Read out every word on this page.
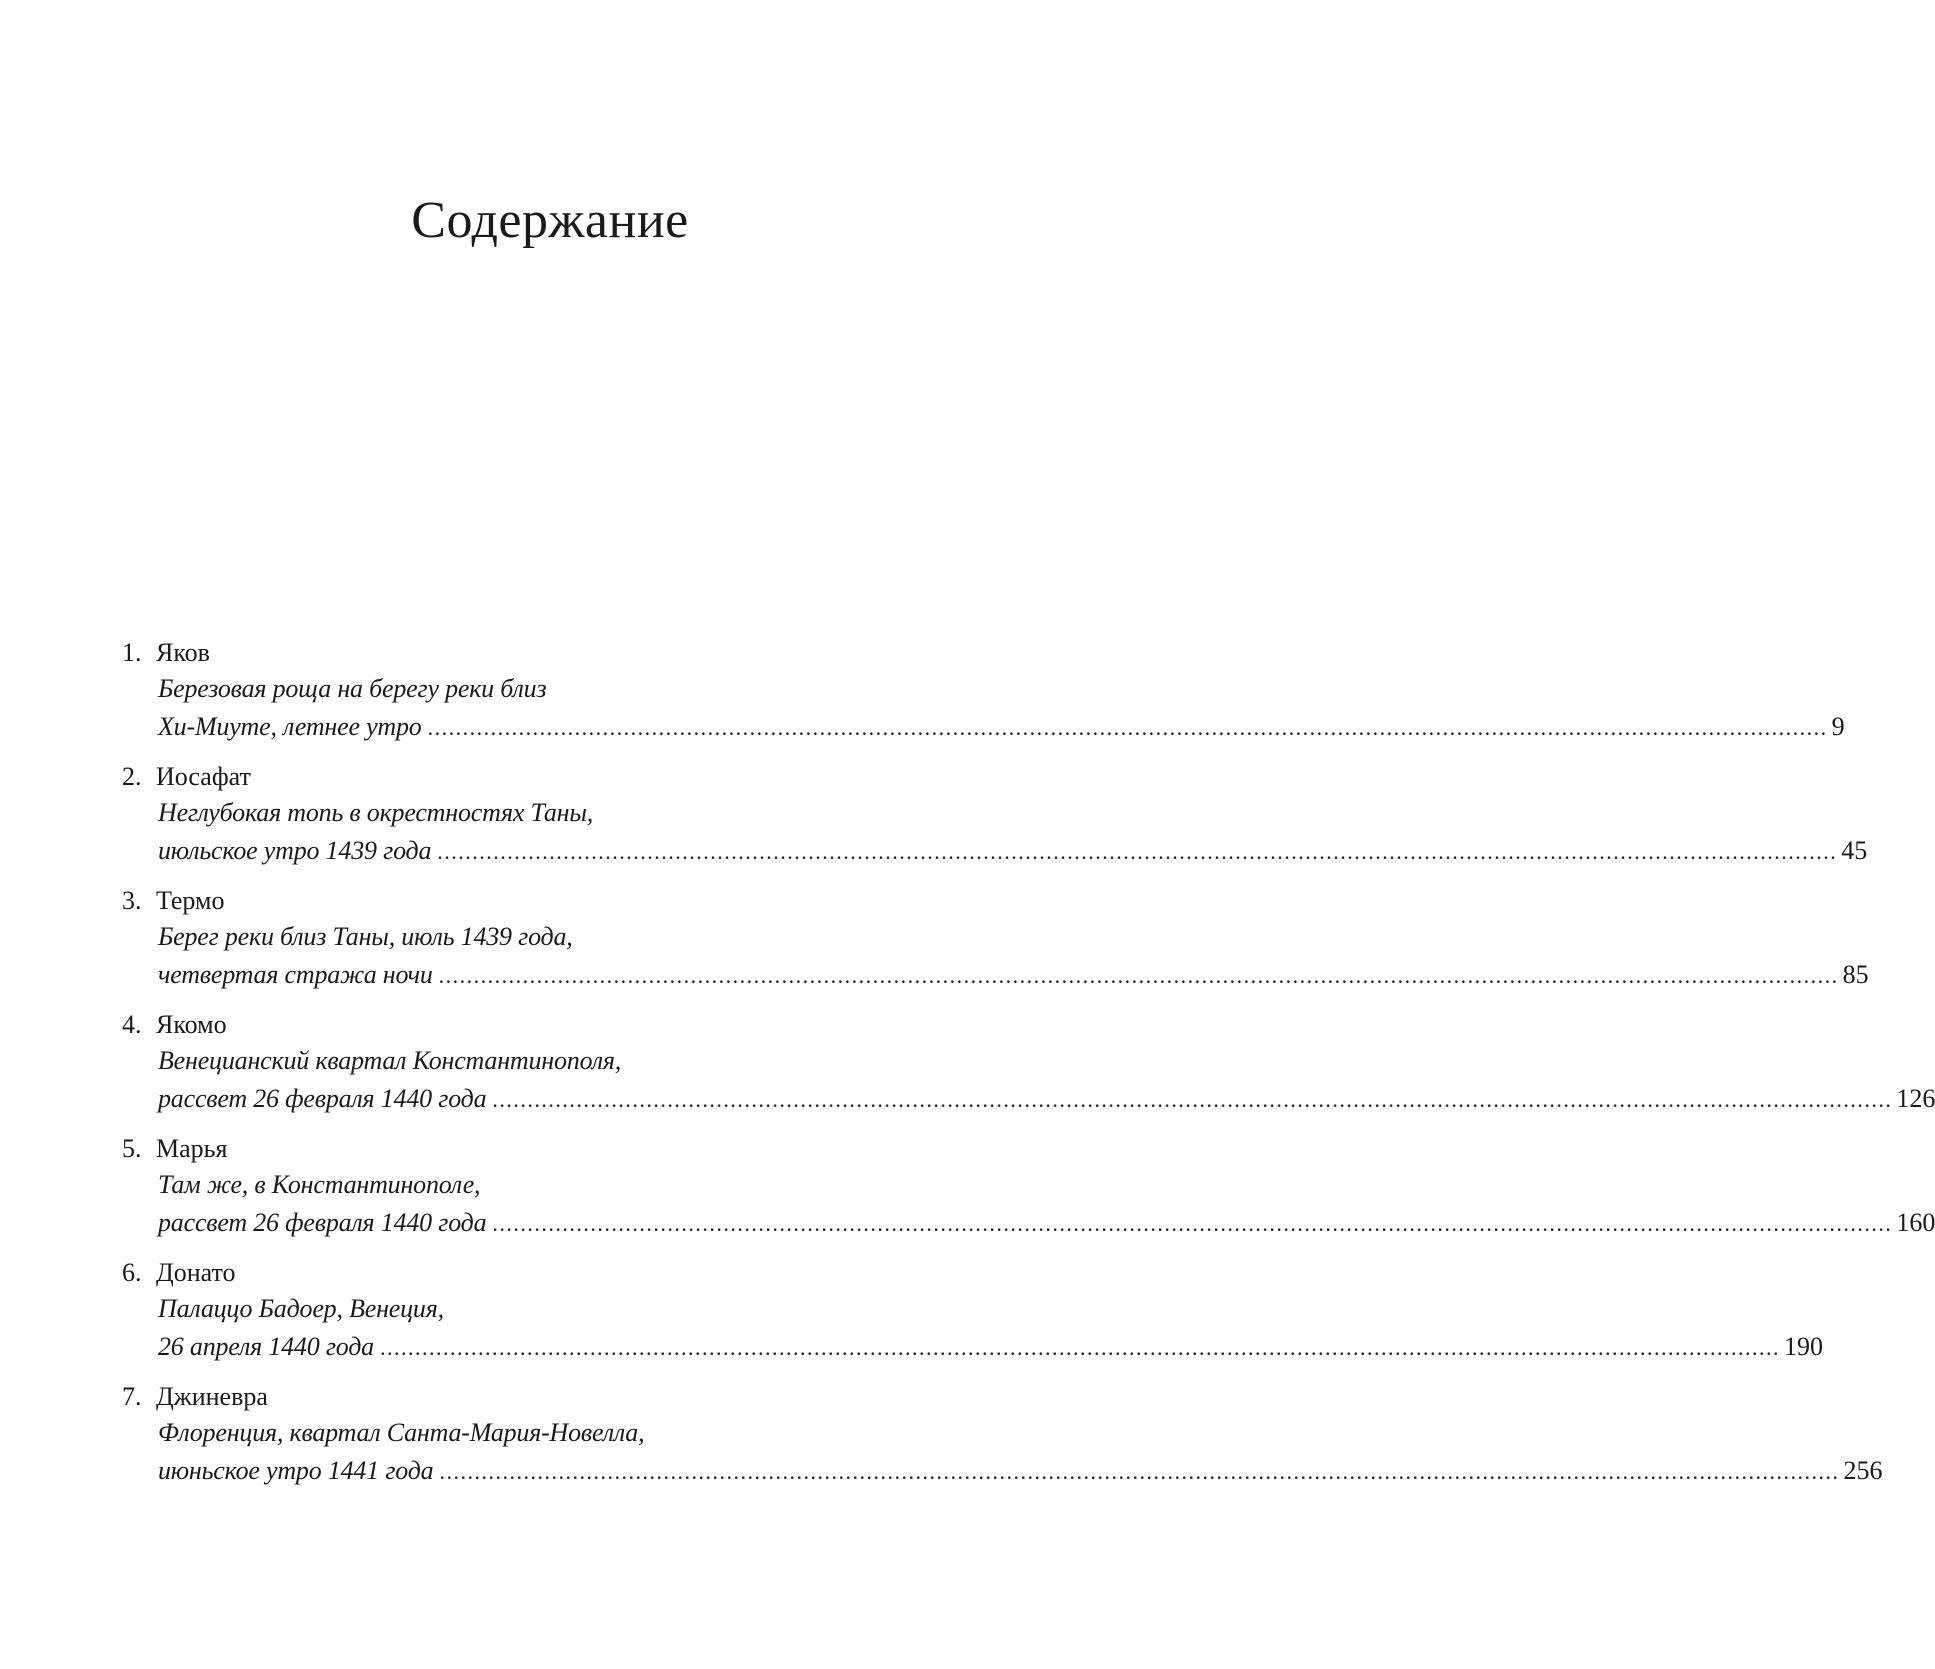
Содержание
1. Яков
Березовая роща на берегу реки близ
Хи-Миуте, летнее утро ........................................................................................................................................................................................................ 9
2. Иосафат
Неглубокая топь в окрестностях Таны,
июльское утро 1439 года ........................................................................................................................................................................................................ 45
3. Термо
Берег реки близ Таны, июль 1439 года,
четвертая стража ночи ........................................................................................................................................................................................................ 85
4. Якомо
Венецианский квартал Константинополя,
рассвет 26 февраля 1440 года ........................................................................................................................................................................................................ 126
5. Марья
Там же, в Константинополе,
рассвет 26 февраля 1440 года ........................................................................................................................................................................................................ 160
6. Донато
Палаццо Бадоер, Венеция,
26 апреля 1440 года ........................................................................................................................................................................................................ 190
7. Джиневра
Флоренция, квартал Санта-Мария-Новелла,
июньское утро 1441 года ........................................................................................................................................................................................................ 256
